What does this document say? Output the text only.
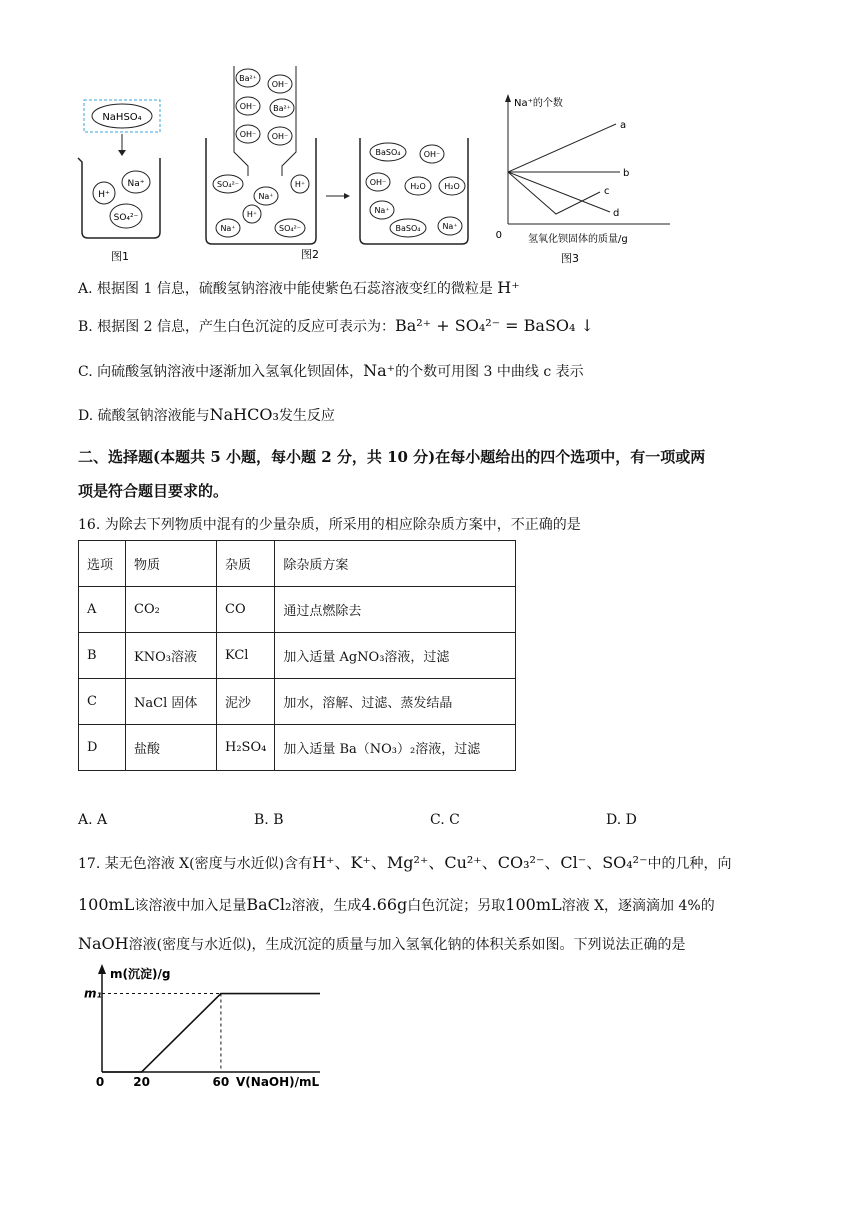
NaHSO₄
H⁺
Na⁺
SO₄²⁻
图1
Ba²⁺
OH⁻
OH⁻ Ba²⁺
OH⁻ OH⁻
SO₄²⁻
Na⁺
H⁺
H⁺
Na⁺	SO₄²⁻
BaSO₄	OH⁻
OH⁻	H₂O H₂O
Na⁺
BaSO₄	Na⁺
图2
Na⁺的个数
0	氢氧化钡固体的质量/g
a
b
c
d
图3
A. 根据图 1 信息，硫酸氢钠溶液中能使紫色石蕊溶液变红的微粒是 H⁺
B. 根据图 2 信息，产生白色沉淀的反应可表示为：Ba²⁺ + SO₄²⁻ = BaSO₄ ↓
C. 向硫酸氢钠溶液中逐渐加入氢氧化钡固体，Na⁺的个数可用图 3 中曲线 c 表示
D. 硫酸氢钠溶液能与NaHCO₃发生反应
二、选择题(本题共 5 小题，每小题 2 分，共 10 分)在每小题给出的四个选项中，有一项或两
项是符合题目要求的。
16. 为除去下列物质中混有的少量杂质，所采用的相应除杂质方案中，不正确的是
选项	物质	杂质	除杂质方案
A	CO₂	CO	通过点燃除去
B	KNO₃溶液	KCl	加入适量 AgNO₃溶液，过滤
C	NaCl 固体	泥沙	加水，溶解、过滤、蒸发结晶
D	盐酸	H₂SO₄	加入适量 Ba（NO₃）₂溶液，过滤
A. A	B. B	C. C	D. D
17. 某无色溶液 X(密度与水近似)含有H⁺、K⁺、Mg²⁺、Cu²⁺、CO₃²⁻、Cl⁻、SO₄²⁻中的几种，向
100mL该溶液中加入足量BaCl₂溶液，生成4.66g白色沉淀；另取100mL溶液 X，逐滴滴加 4%的
NaOH溶液(密度与水近似)，生成沉淀的质量与加入氢氧化钠的体积关系如图。下列说法正确的是
m(沉淀)/g
V(NaOH)/mL
m₁
0 20	60
